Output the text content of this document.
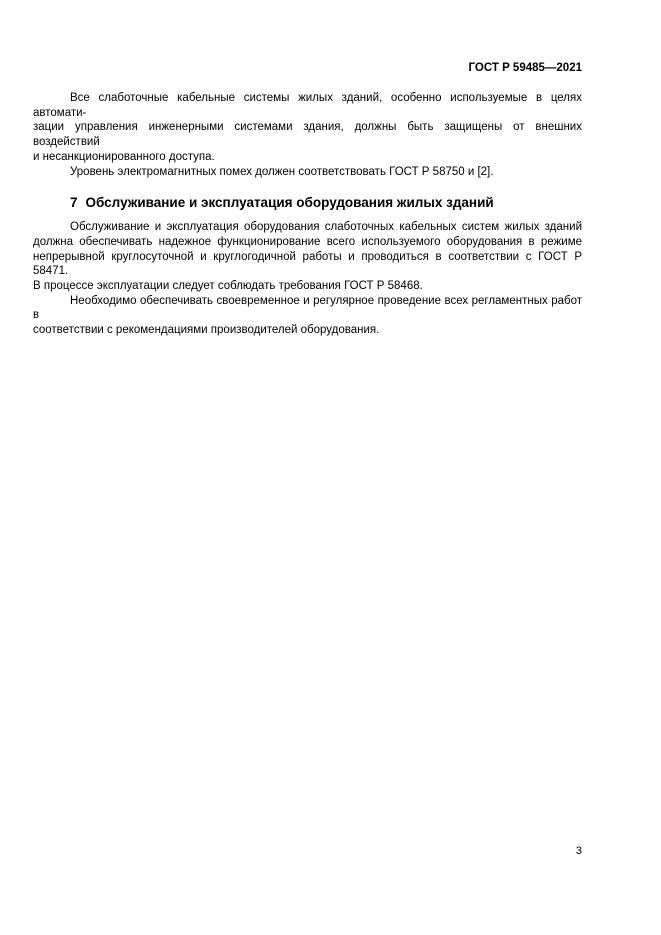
ГОСТ Р 59485—2021

Все слаботочные кабельные системы жилых зданий, особенно используемые в целях автомати-
зации управления инженерными системами здания, должны быть защищены от внешних воздействий
и несанкционированного доступа.

Уровень электромагнитных помех должен соответствовать ГОСТ Р 58750 и [2].

7 Обслуживание и эксплуатация оборудования жилых зданий

Обслуживание и эксплуатация оборудования слаботочных кабельных систем жилых зданий
должна обеспечивать надежное функционирование всего используемого оборудования в режиме
непрерывной круглосуточной и круглогодичной работы и проводиться в соответствии с ГОСТ Р 58471.
В процессе эксплуатации следует соблюдать требования ГОСТ Р 58468.

Необходимо обеспечивать своевременное и регулярное проведение всех регламентных работ в
соответствии с рекомендациями производителей оборудования.

3
